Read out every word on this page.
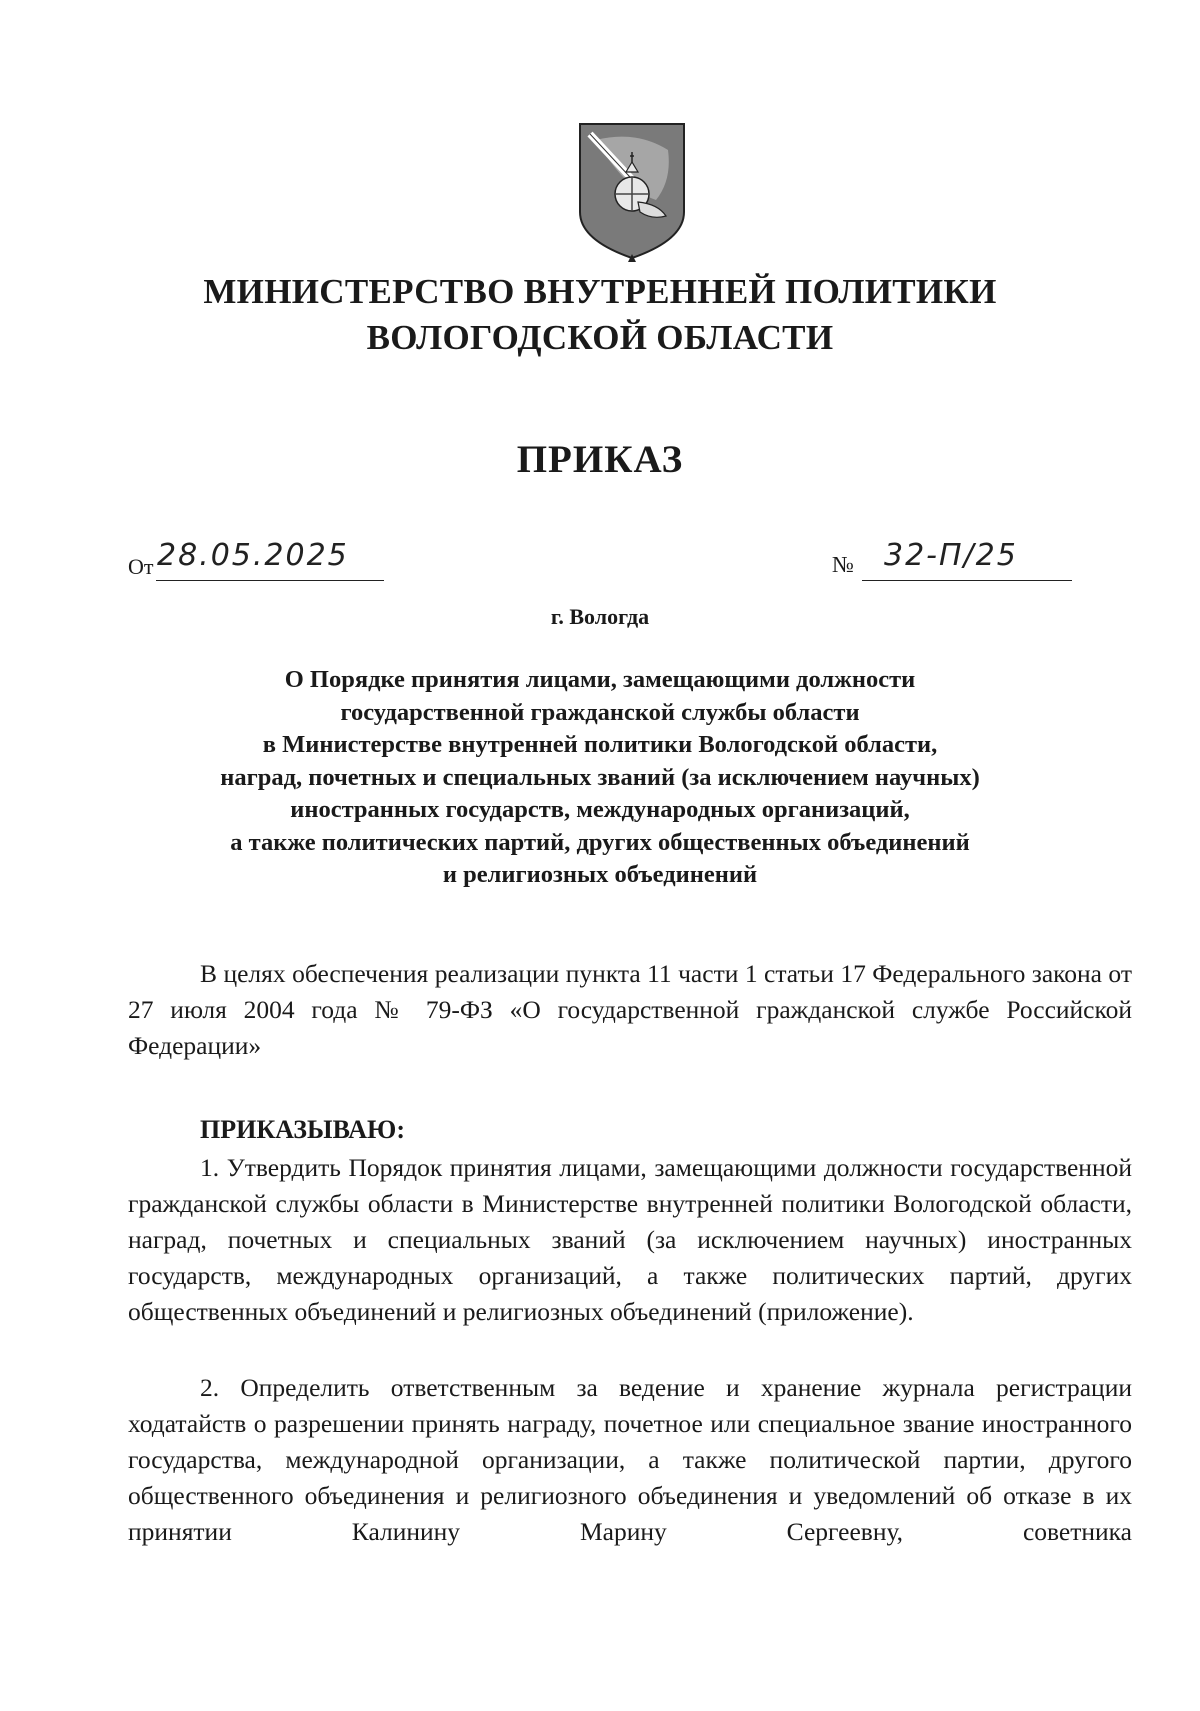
МИНИСТЕРСТВО ВНУТРЕННЕЙ ПОЛИТИКИ
ВОЛОГОДСКОЙ ОБЛАСТИ
ПРИКАЗ
От 28.05.2025	№ 32-П/25
г. Вологда
О Порядке принятия лицами, замещающими должности
государственной гражданской службы области
в Министерстве внутренней политики Вологодской области,
наград, почетных и специальных званий (за исключением научных)
иностранных государств, международных организаций,
а также политических партий, других общественных объединений
и религиозных объединений
В целях обеспечения реализации пункта 11 части 1 статьи 17 Федерального закона от 27 июля 2004 года № 79-ФЗ «О государственной гражданской службе Российской Федерации»
ПРИКАЗЫВАЮ:
1. Утвердить Порядок принятия лицами, замещающими должности государственной гражданской службы области в Министерстве внутренней политики Вологодской области, наград, почетных и специальных званий (за исключением научных) иностранных государств, международных организаций, а также политических партий, других общественных объединений и религиозных объединений (приложение).
2. Определить ответственным за ведение и хранение журнала регистрации ходатайств о разрешении принять награду, почетное или специальное звание иностранного государства, международной организации, а также политической партии, другого общественного объединения и религиозного объединения и уведомлений об отказе в их принятии Калинину Марину Сергеевну, советника
